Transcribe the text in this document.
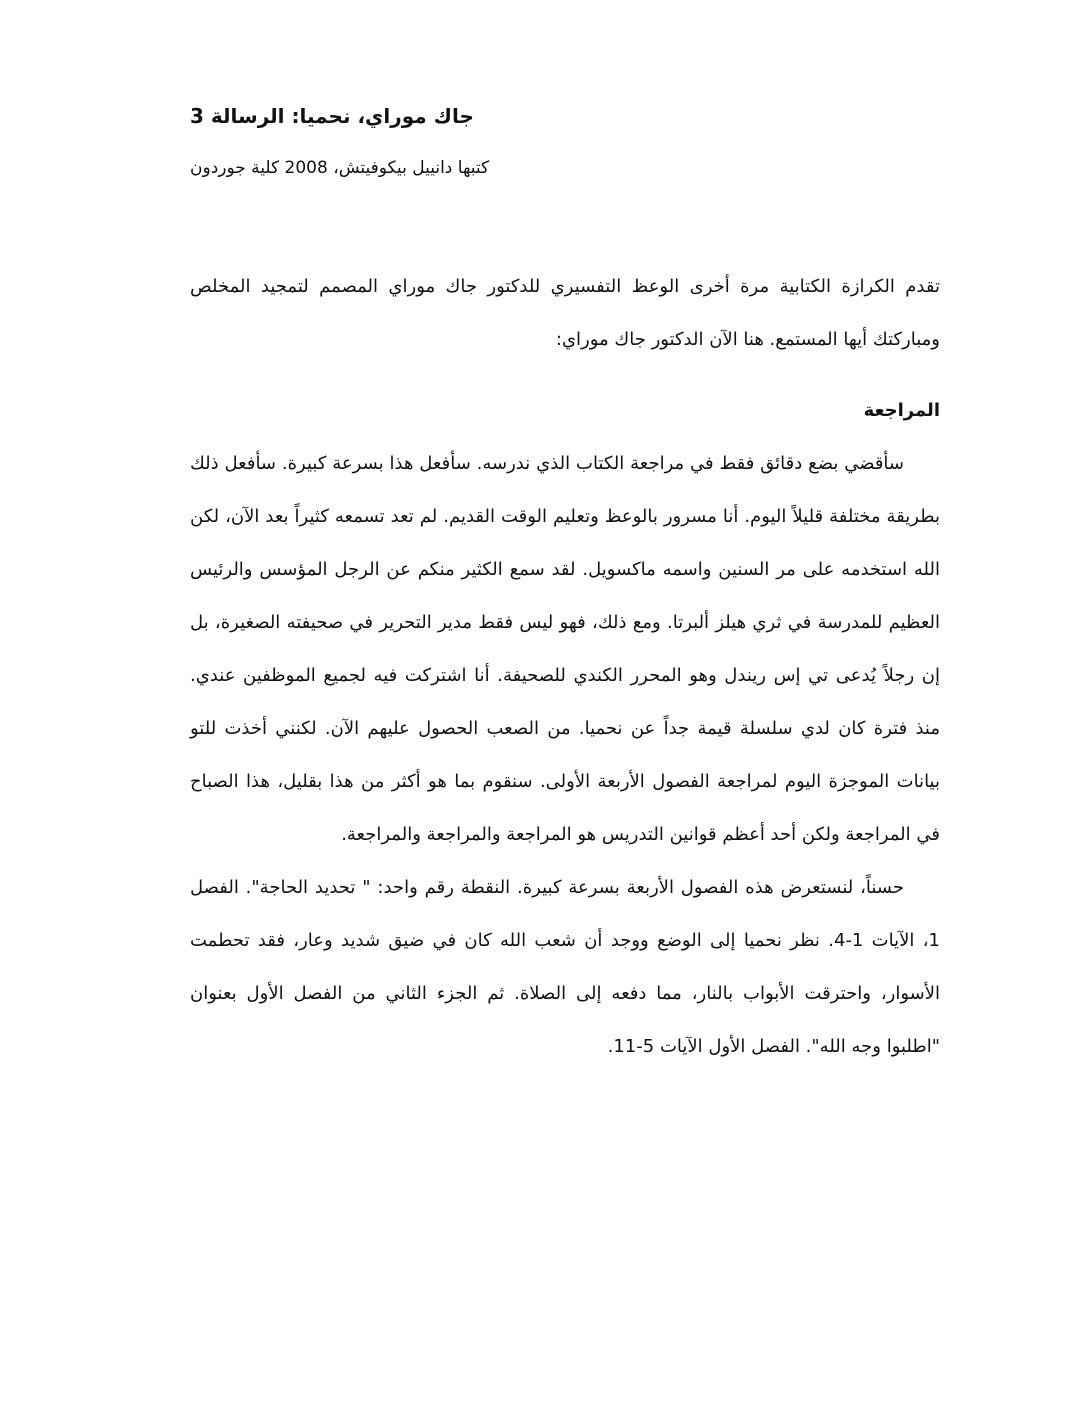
جاك موراي، نحميا: الرسالة 3

كتبها دانييل بيكوفيتش، 2008 كلية جوردون

تقدم الكرازة الكتابية مرة أخرى الوعظ التفسيري للدكتور جاك موراي المصمم لتمجيد المخلص ومباركتك أيها المستمع. هنا الآن الدكتور جاك موراي:

المراجعة

سأقضي بضع دقائق فقط في مراجعة الكتاب الذي ندرسه. سأفعل هذا بسرعة كبيرة. سأفعل ذلك بطريقة مختلفة قليلاً اليوم. أنا مسرور بالوعظ وتعليم الوقت القديم. لم تعد تسمعه كثيراً بعد الآن، لكن الله استخدمه على مر السنين واسمه ماكسويل. لقد سمع الكثير منكم عن الرجل المؤسس والرئيس العظيم للمدرسة في ثري هيلز ألبرتا. ومع ذلك، فهو ليس فقط مدير التحرير في صحيفته الصغيرة، بل إن رجلاً يُدعى تي إس ريندل وهو المحرر الكندي للصحيفة. أنا اشتركت فيه لجميع الموظفين عندي. منذ فترة كان لدي سلسلة قيمة جداً عن نحميا. من الصعب الحصول عليهم الآن. لكنني أخذت للتو بيانات الموجزة اليوم لمراجعة الفصول الأربعة الأولى. سنقوم بما هو أكثر من هذا بقليل، هذا الصباح في المراجعة ولكن أحد أعظم قوانين التدريس هو المراجعة والمراجعة والمراجعة.

حسناً، لنستعرض هذه الفصول الأربعة بسرعة كبيرة. النقطة رقم واحد: " تحديد الحاجة". الفصل 1، الآيات 1-4. نظر نحميا إلى الوضع ووجد أن شعب الله كان في ضيق شديد وعار، فقد تحطمت الأسوار، واحترقت الأبواب بالنار، مما دفعه إلى الصلاة. ثم الجزء الثاني من الفصل الأول بعنوان "اطلبوا وجه الله". الفصل الأول الآيات 5-11.
